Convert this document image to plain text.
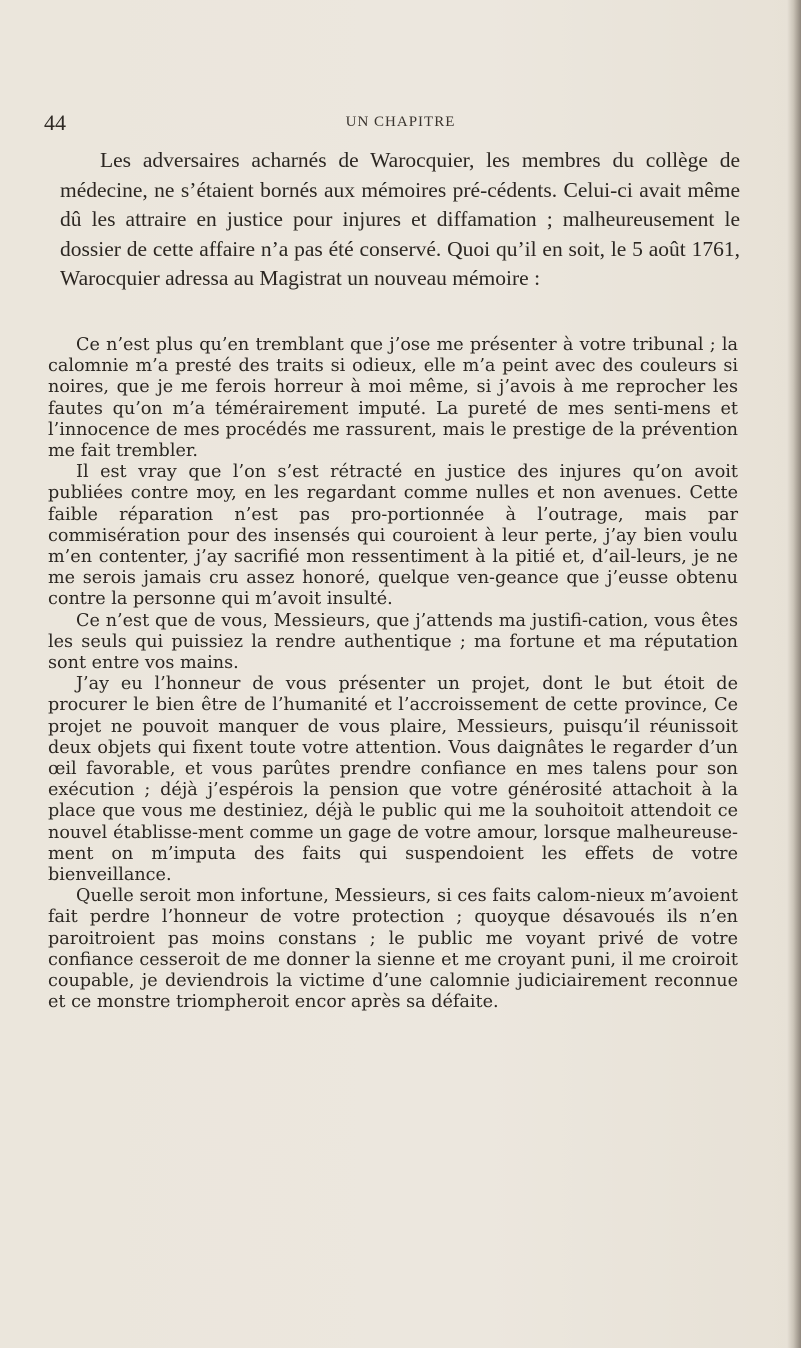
44	UN CHAPITRE

Les adversaires acharnés de Warocquier, les membres du collège de médecine, ne s’étaient bornés aux mémoires pré-cédents. Celui-ci avait même dû les attraire en justice pour injures et diffamation ; malheureusement le dossier de cette affaire n’a pas été conservé. Quoi qu’il en soit, le 5 août 1761, Warocquier adressa au Magistrat un nouveau mémoire :

Ce n’est plus qu’en tremblant que j’ose me présenter à votre tribunal ; la calomnie m’a presté des traits si odieux, elle m’a peint avec des couleurs si noires, que je me ferois horreur à moi même, si j’avois à me reprocher les fautes qu’on m’a témérairement imputé. La pureté de mes senti-mens et l’innocence de mes procédés me rassurent, mais le prestige de la prévention me fait trembler.

Il est vray que l’on s’est rétracté en justice des injures qu’on avoit publiées contre moy, en les regardant comme nulles et non avenues. Cette faible réparation n’est pas pro-portionnée à l’outrage, mais par commisération pour des insensés qui couroient à leur perte, j’ay bien voulu m’en contenter, j’ay sacrifié mon ressentiment à la pitié et, d’ail-leurs, je ne me serois jamais cru assez honoré, quelque ven-geance que j’eusse obtenu contre la personne qui m’avoit insulté.

Ce n’est que de vous, Messieurs, que j’attends ma justifi-cation, vous êtes les seuls qui puissiez la rendre authentique ; ma fortune et ma réputation sont entre vos mains.

J’ay eu l’honneur de vous présenter un projet, dont le but étoit de procurer le bien être de l’humanité et l’accroissement de cette province, Ce projet ne pouvoit manquer de vous plaire, Messieurs, puisqu’il réunissoit deux objets qui fixent toute votre attention. Vous daignâtes le regarder d’un œil favorable, et vous parûtes prendre confiance en mes talens pour son exécution ; déjà j’espérois la pension que votre générosité attachoit à la place que vous me destiniez, déjà le public qui me la souhoitoit attendoit ce nouvel établisse-ment comme un gage de votre amour, lorsque malheureuse-ment on m’imputa des faits qui suspendoient les effets de votre bienveillance.

Quelle seroit mon infortune, Messieurs, si ces faits calom-nieux m’avoient fait perdre l’honneur de votre protection ; quoyque désavoués ils n’en paroitroient pas moins constans ; le public me voyant privé de votre confiance cesseroit de me donner la sienne et me croyant puni, il me croiroit coupable, je deviendrois la victime d’une calomnie judiciairement reconnue et ce monstre triompheroit encor après sa défaite.
